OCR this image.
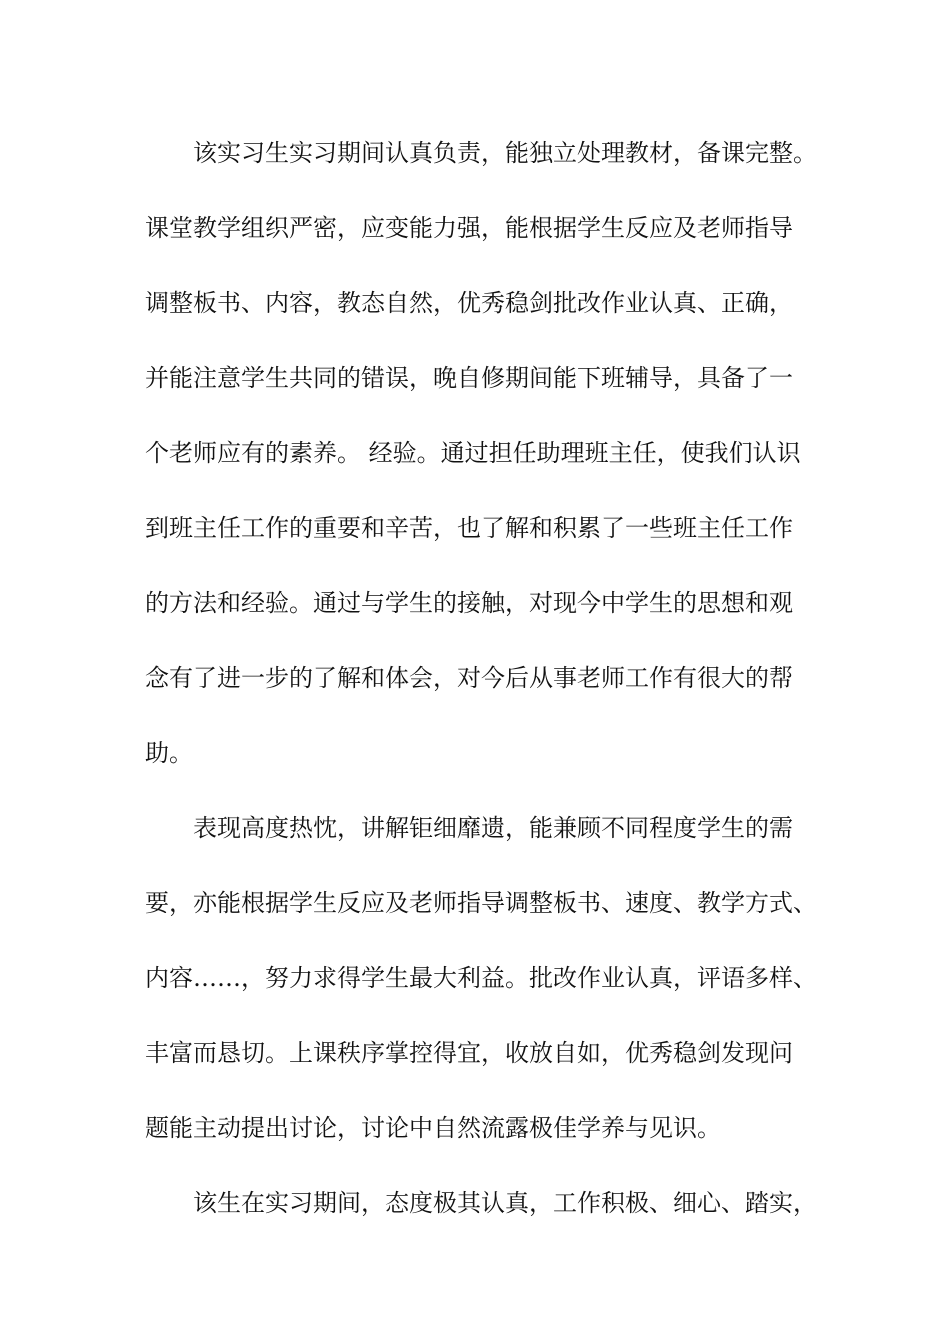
该实习生实习期间认真负责，能独立处理教材，备课完整。
课堂教学组织严密，应变能力强，能根据学生反应及老师指导
调整板书、内容，教态自然，优秀稳剑批改作业认真、正确，
并能注意学生共同的错误，晚自修期间能下班辅导，具备了一
个老师应有的素养。 经验。通过担任助理班主任，使我们认识
到班主任工作的重要和辛苦，也了解和积累了一些班主任工作
的方法和经验。通过与学生的接触，对现今中学生的思想和观
念有了进一步的了解和体会，对今后从事老师工作有很大的帮
助。
表现高度热忱，讲解钜细靡遗，能兼顾不同程度学生的需
要，亦能根据学生反应及老师指导调整板书、速度、教学方式、
内容……，努力求得学生最大利益。批改作业认真，评语多样、
丰富而恳切。上课秩序掌控得宜，收放自如，优秀稳剑发现问
题能主动提出讨论，讨论中自然流露极佳学养与见识。
该生在实习期间，态度极其认真，工作积极、细心、踏实，
